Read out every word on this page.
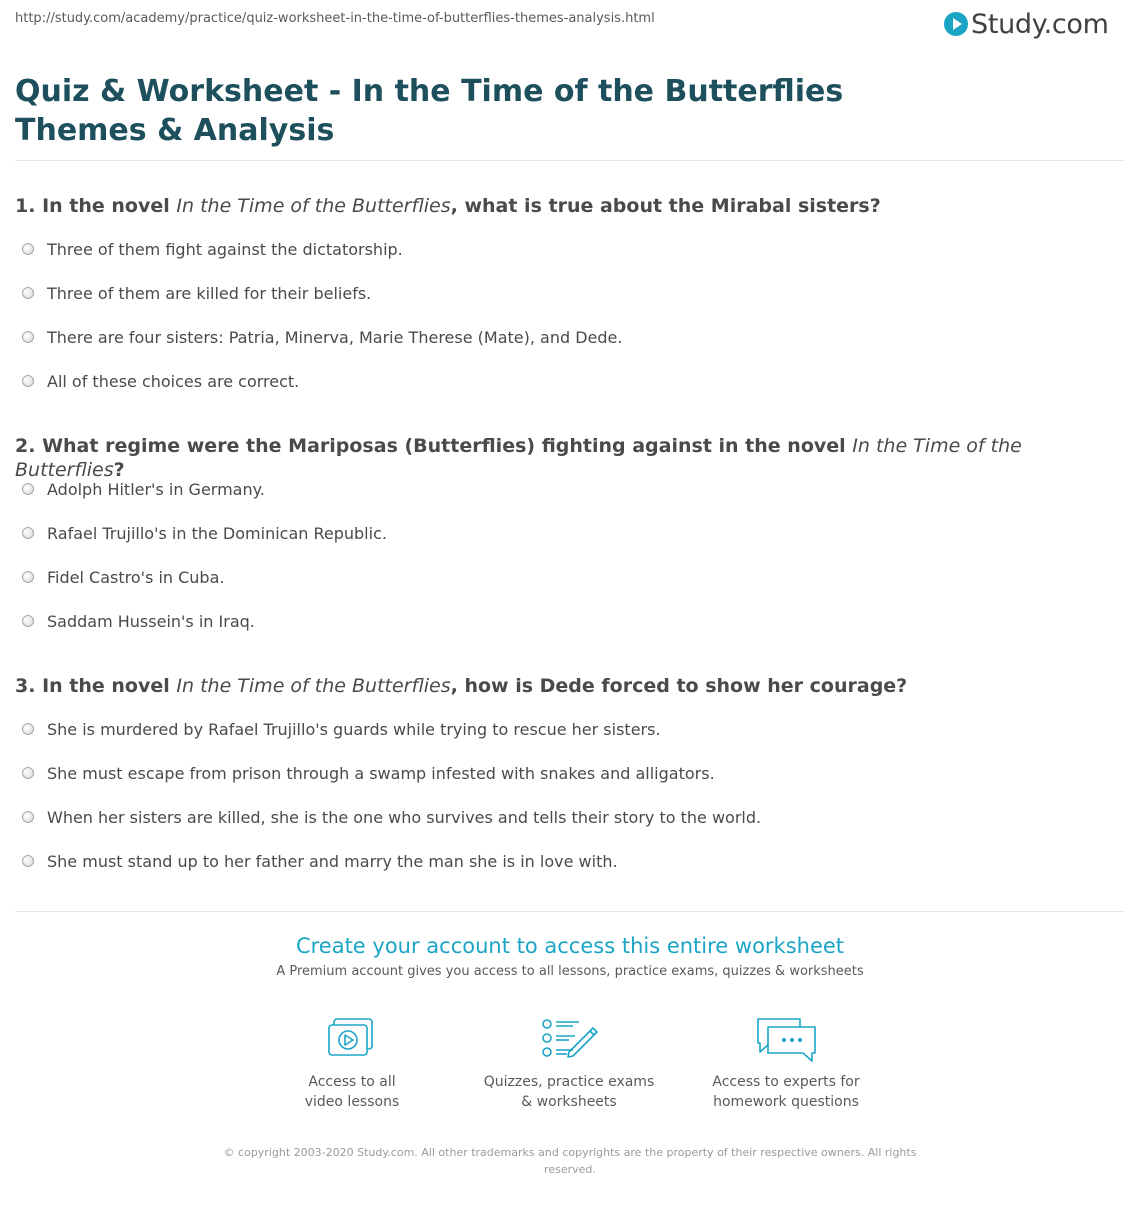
http://study.com/academy/practice/quiz-worksheet-in-the-time-of-butterflies-themes-analysis.html	Study.com
Quiz & Worksheet - In the Time of the Butterflies Themes & Analysis
1. In the novel In the Time of the Butterflies, what is true about the Mirabal sisters?
Three of them fight against the dictatorship.
Three of them are killed for their beliefs.
There are four sisters: Patria, Minerva, Marie Therese (Mate), and Dede.
All of these choices are correct.
2. What regime were the Mariposas (Butterflies) fighting against in the novel In the Time of the Butterflies?
Adolph Hitler's in Germany.
Rafael Trujillo's in the Dominican Republic.
Fidel Castro's in Cuba.
Saddam Hussein's in Iraq.
3. In the novel In the Time of the Butterflies, how is Dede forced to show her courage?
She is murdered by Rafael Trujillo's guards while trying to rescue her sisters.
She must escape from prison through a swamp infested with snakes and alligators.
When her sisters are killed, she is the one who survives and tells their story to the world.
She must stand up to her father and marry the man she is in love with.
Create your account to access this entire worksheet
A Premium account gives you access to all lessons, practice exams, quizzes & worksheets
Access to all
video lessons
Quizzes, practice exams
& worksheets
Access to experts for
homework questions
© copyright 2003-2020 Study.com. All other trademarks and copyrights are the property of their respective owners. All rights reserved.
